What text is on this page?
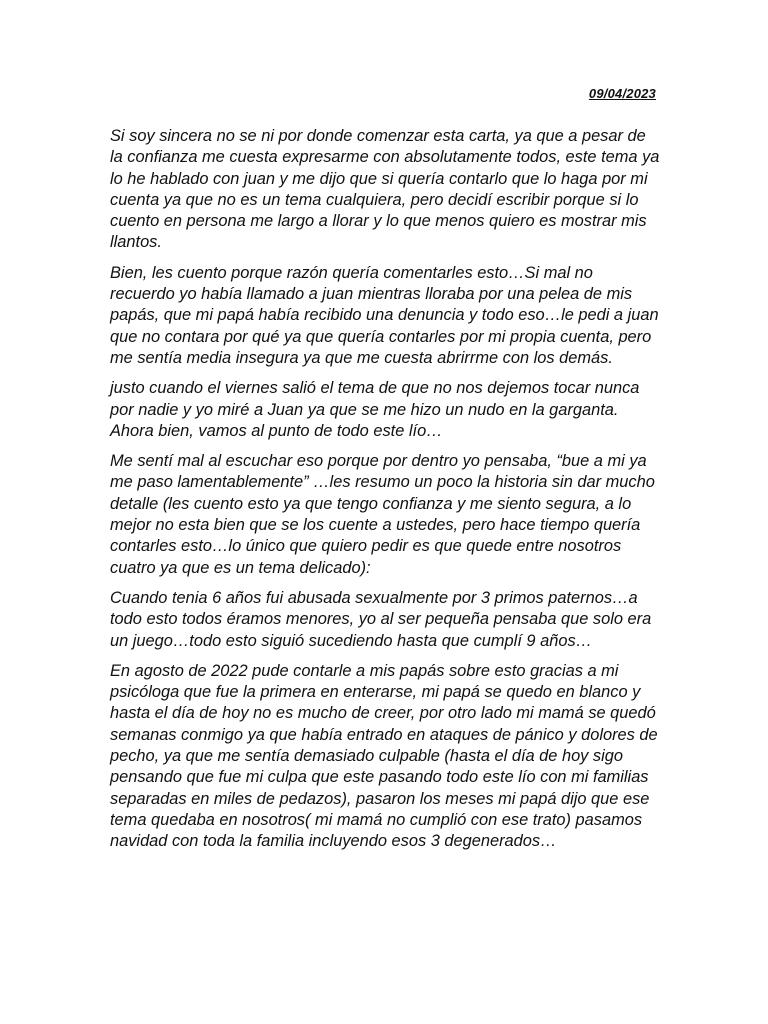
09/04/2023

Si soy sincera no se ni por donde comenzar esta carta, ya que a pesar de la confianza me cuesta expresarme con absolutamente todos, este tema ya lo he hablado con juan y me dijo que si quería contarlo que lo haga por mi cuenta ya que no es un tema cualquiera, pero decidí escribir porque si lo cuento en persona me largo a llorar y lo que menos quiero es mostrar mis llantos.

Bien, les cuento porque razón quería comentarles esto…Si mal no recuerdo yo había llamado a juan mientras lloraba por una pelea de mis papás, que mi papá había recibido una denuncia y todo eso…le pedi a juan que no contara por qué ya que quería contarles por mi propia cuenta, pero me sentía media insegura ya que me cuesta abrirrme con los demás.

justo cuando el viernes salió el tema de que no nos dejemos tocar nunca por nadie y yo miré a Juan ya que se me hizo un nudo en la garganta. Ahora bien, vamos al punto de todo este lío…

Me sentí mal al escuchar eso porque por dentro yo pensaba, “bue a mi ya me paso lamentablemente” …les resumo un poco la historia sin dar mucho detalle (les cuento esto ya que tengo confianza y me siento segura, a lo mejor no esta bien que se los cuente a ustedes, pero hace tiempo quería contarles esto…lo único que quiero pedir es que quede entre nosotros cuatro ya que es un tema delicado):

Cuando tenia 6 años fui abusada sexualmente por 3 primos paternos…a todo esto todos éramos menores, yo al ser pequeña pensaba que solo era un juego…todo esto siguió sucediendo hasta que cumplí 9 años…

En agosto de 2022 pude contarle a mis papás sobre esto gracias a mi psicóloga que fue la primera en enterarse, mi papá se quedo en blanco y hasta el día de hoy no es mucho de creer, por otro lado mi mamá se quedó semanas conmigo ya que había entrado en ataques de pánico y dolores de pecho, ya que me sentía demasiado culpable (hasta el día de hoy sigo pensando que fue mi culpa que este pasando todo este lío con mi familias separadas en miles de pedazos), pasaron los meses mi papá dijo que ese tema quedaba en nosotros( mi mamá no cumplió con ese trato) pasamos navidad con toda la familia incluyendo esos 3 degenerados…
